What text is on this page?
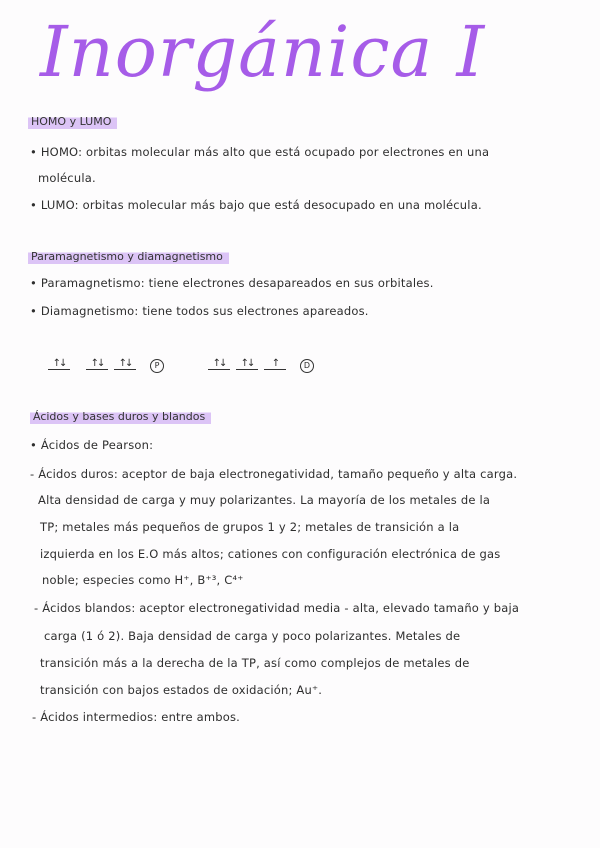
Inorgánica I
HOMO y LUMO
• HOMO: orbitas molecular más alto que está ocupado por electrones en una
molécula.
• LUMO: orbitas molecular más bajo que está desocupado en una molécula.
Paramagnetismo y diamagnetismo
• Paramagnetismo: tiene electrones desapareados en sus orbitales.
• Diamagnetismo: tiene todos sus electrones apareados.
↑↓	↑↓ ↑↓	P	↑↓ ↑↓ ↑	D
Ácidos y bases duros y blandos
• Ácidos de Pearson:
- Ácidos duros: aceptor de baja electronegatividad, tamaño pequeño y alta carga.
Alta densidad de carga y muy polarizantes. La mayoría de los metales de la
TP; metales más pequeños de grupos 1 y 2; metales de transición a la
izquierda en los E.O más altos; cationes con configuración electrónica de gas
noble; especies como H⁺, B⁺³, C⁴⁺
- Ácidos blandos: aceptor electronegatividad media - alta, elevado tamaño y baja
carga (1 ó 2). Baja densidad de carga y poco polarizantes. Metales de
transición más a la derecha de la TP, así como complejos de metales de
transición con bajos estados de oxidación; Au⁺.
- Ácidos intermedios: entre ambos.
